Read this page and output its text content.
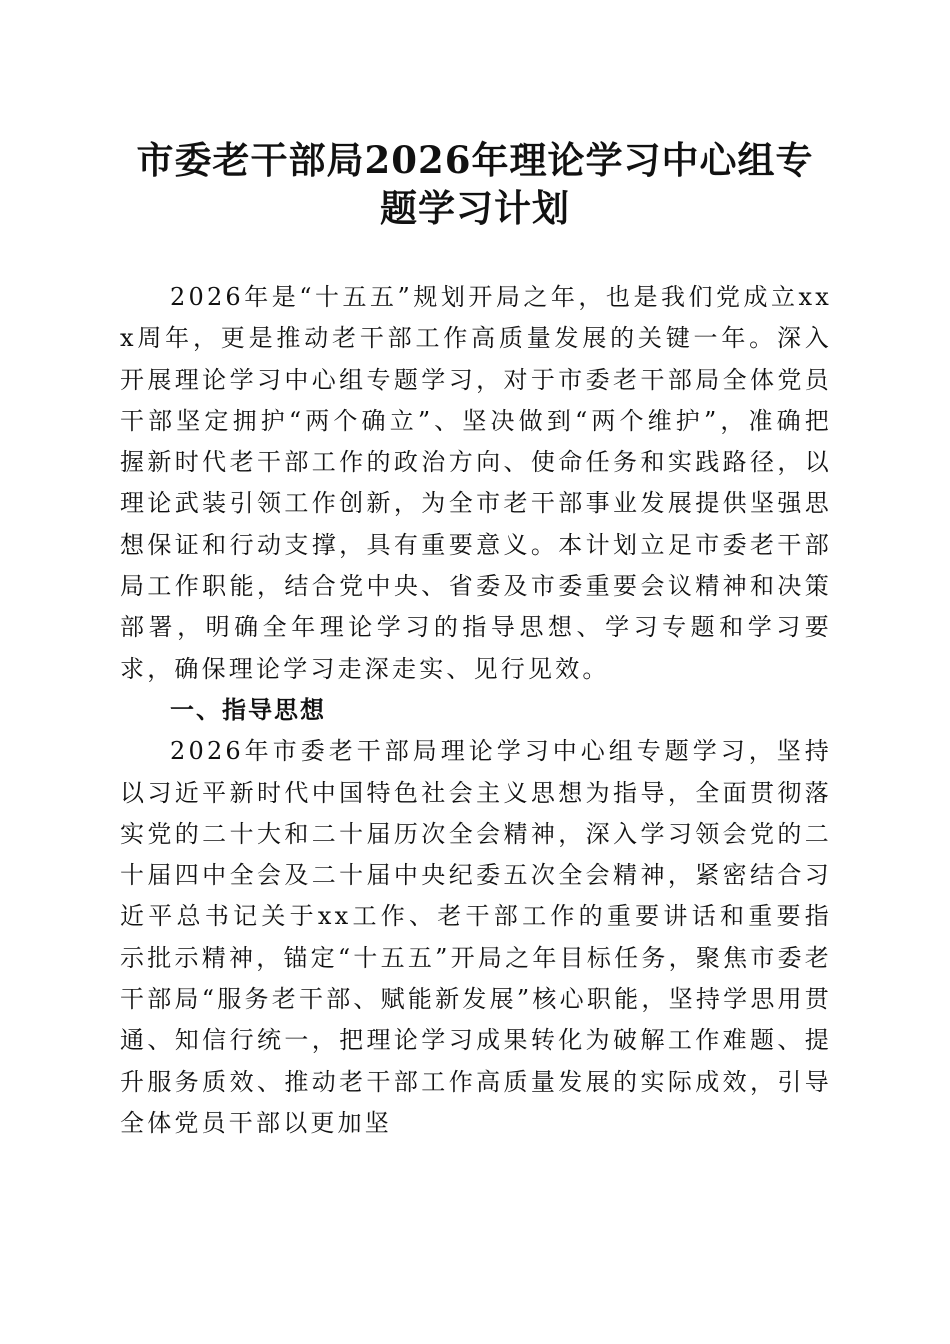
市委老干部局2026年理论学习中心组专题学习计划

2026年是“十五五”规划开局之年，也是我们党成立xxx周年，更是推动老干部工作高质量发展的关键一年。深入开展理论学习中心组专题学习，对于市委老干部局全体党员干部坚定拥护“两个确立”、坚决做到“两个维护”，准确把握新时代老干部工作的政治方向、使命任务和实践路径，以理论武装引领工作创新，为全市老干部事业发展提供坚强思想保证和行动支撑，具有重要意义。本计划立足市委老干部局工作职能，结合党中央、省委及市委重要会议精神和决策部署，明确全年理论学习的指导思想、学习专题和学习要求，确保理论学习走深走实、见行见效。

一、指导思想

2026年市委老干部局理论学习中心组专题学习，坚持以习近平新时代中国特色社会主义思想为指导，全面贯彻落实党的二十大和二十届历次全会精神，深入学习领会党的二十届四中全会及二十届中央纪委五次全会精神，紧密结合习近平总书记关于xx工作、老干部工作的重要讲话和重要指示批示精神，锚定“十五五”开局之年目标任务，聚焦市委老干部局“服务老干部、赋能新发展”核心职能，坚持学思用贯通、知信行统一，把理论学习成果转化为破解工作难题、提升服务质效、推动老干部工作高质量发展的实际成效，引导全体党员干部以更加坚
